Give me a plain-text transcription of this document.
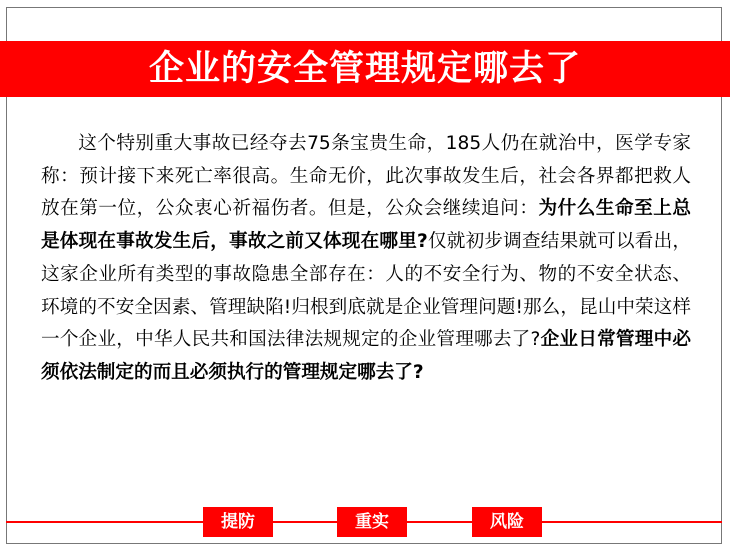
企业的安全管理规定哪去了
这个特别重大事故已经夺去75条宝贵生命，185人仍在就治中，医学专家称：预计接下来死亡率很高。生命无价，此次事故发生后，社会各界都把救人放在第一位，公众衷心祈福伤者。但是，公众会继续追问：为什么生命至上总是体现在事故发生后，事故之前又体现在哪里?仅就初步调查结果就可以看出，这家企业所有类型的事故隐患全部存在：人的不安全行为、物的不安全状态、环境的不安全因素、管理缺陷!归根到底就是企业管理问题!那么，昆山中荣这样一个企业，中华人民共和国法律法规规定的企业管理哪去了?企业日常管理中必须依法制定的而且必须执行的管理规定哪去了?
提防	重实	风险
